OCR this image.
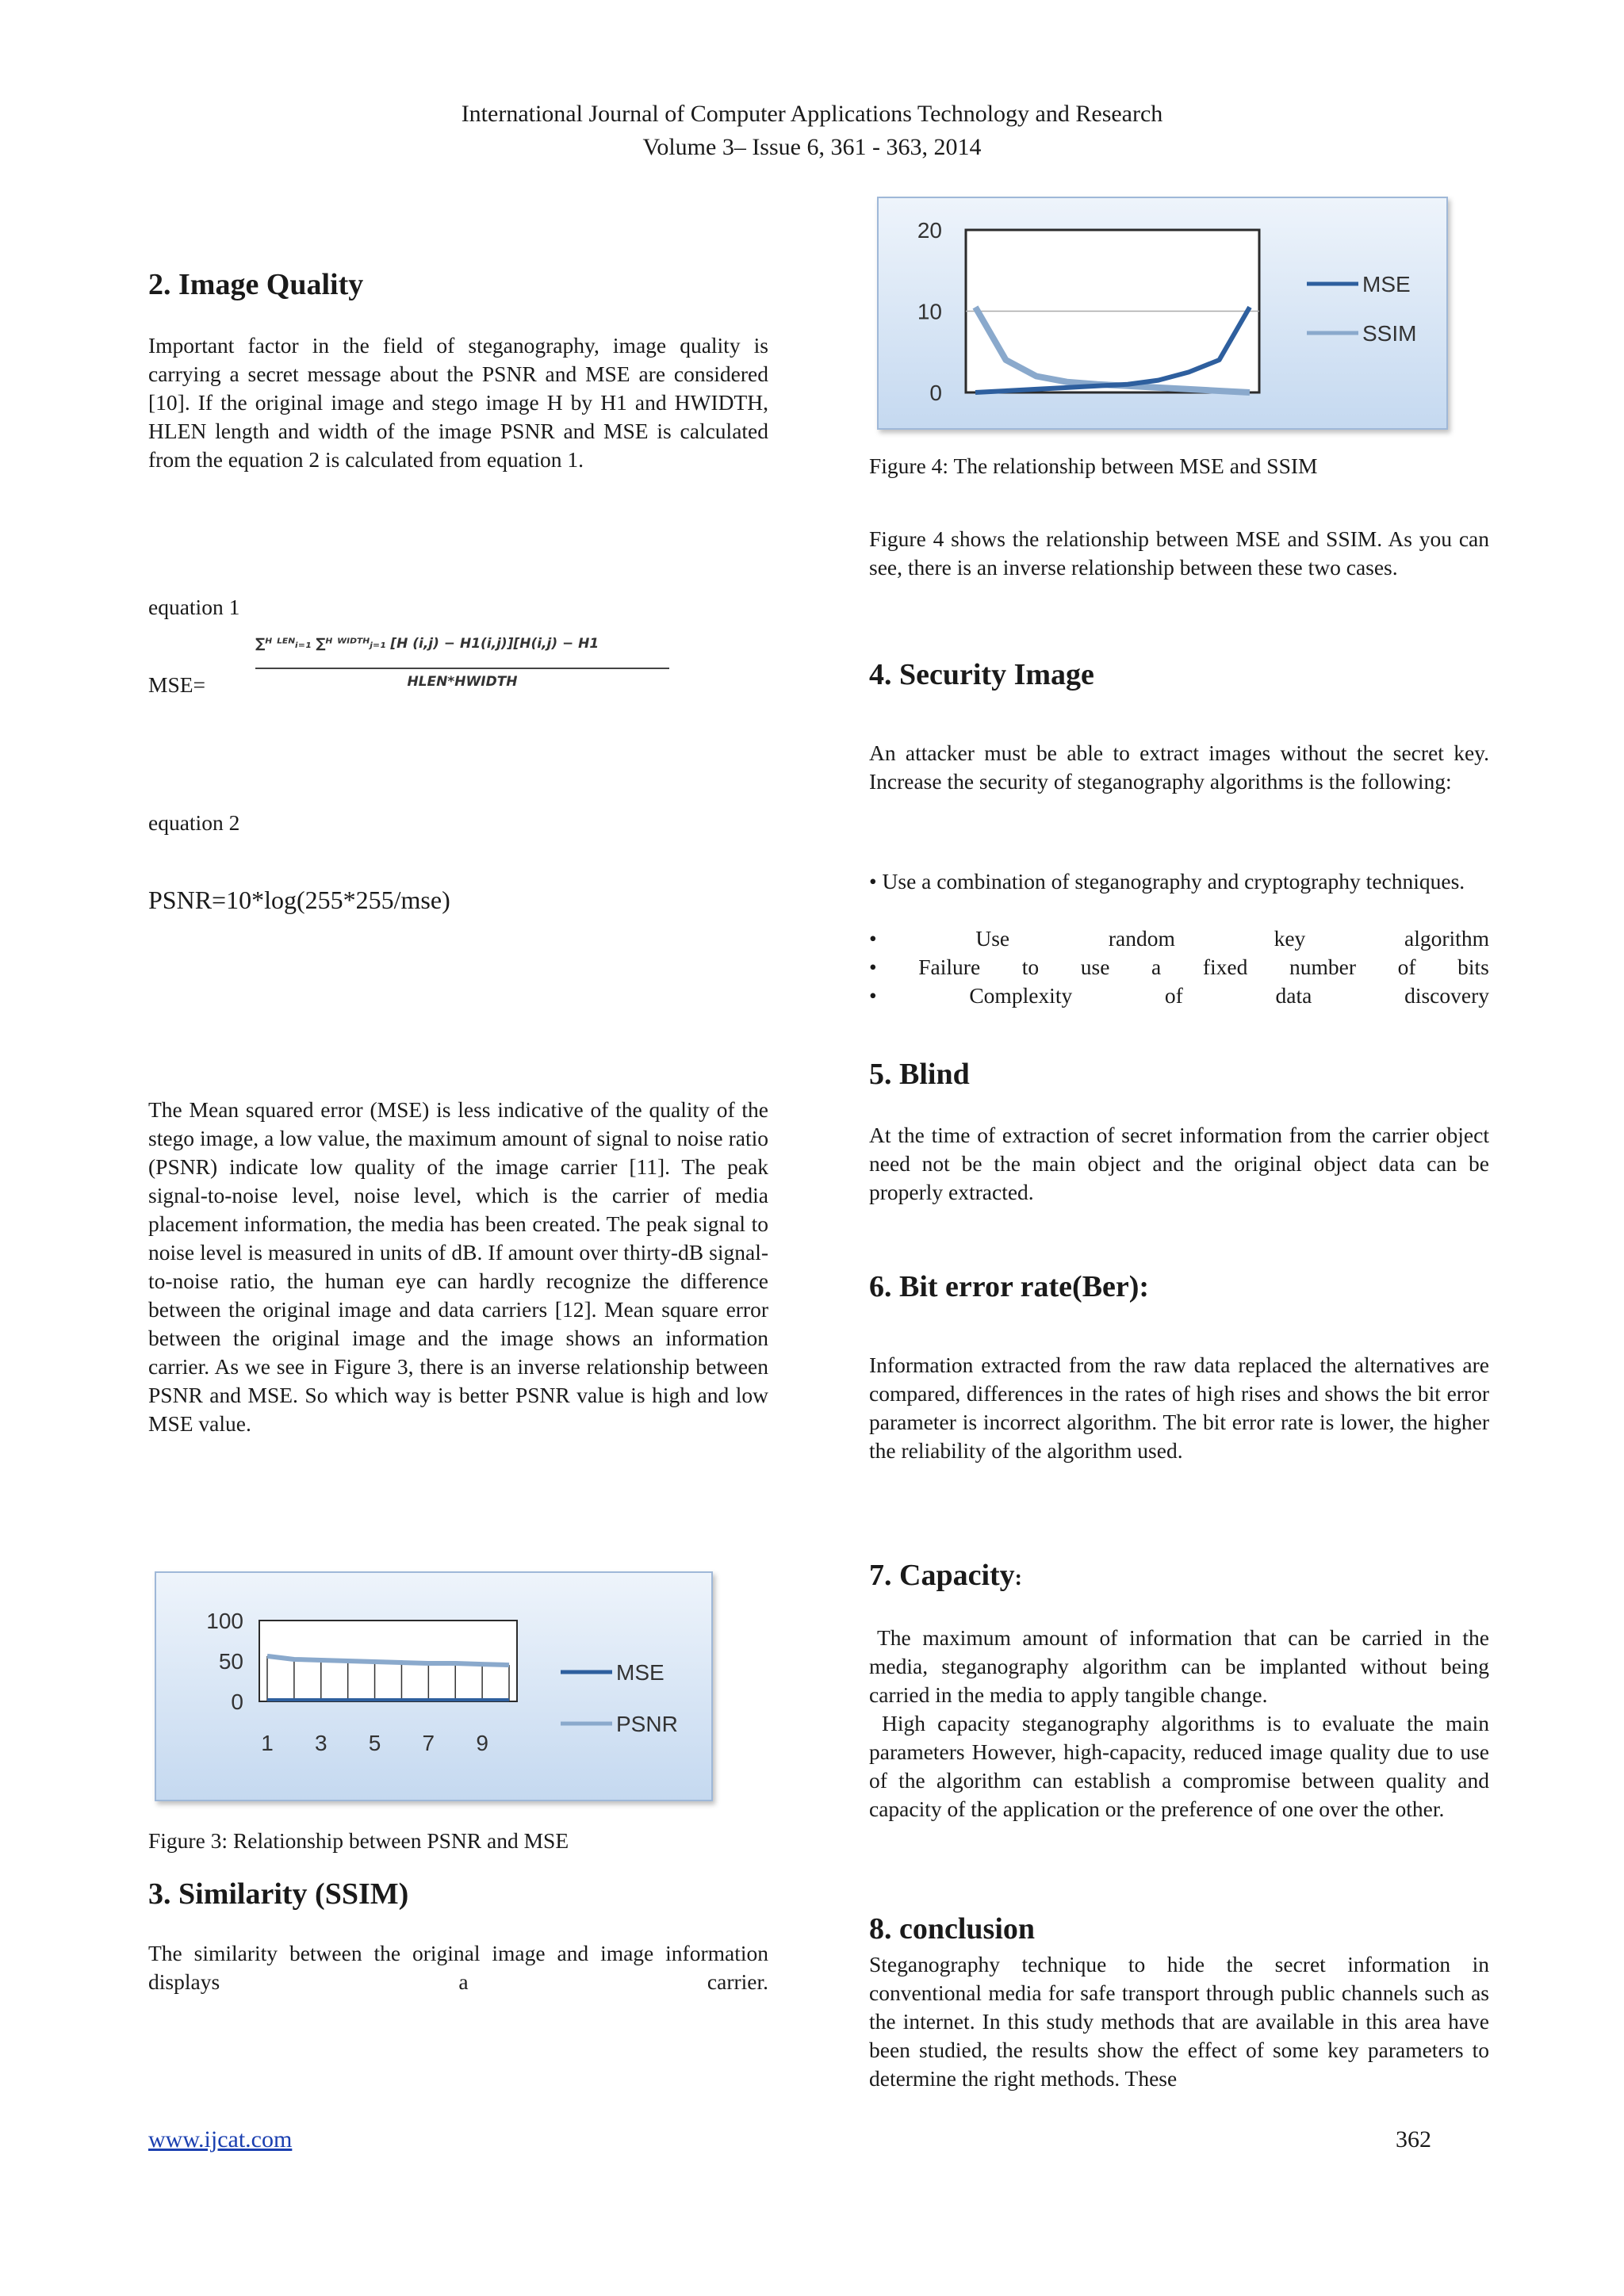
International Journal of Computer Applications Technology and Research
Volume 3– Issue 6, 361 - 363, 2014
2. Image Quality
Important factor in the field of steganography, image quality is carrying a secret message about the PSNR and MSE are considered [10]. If the original image and stego image H by H1 and HWIDTH, HLEN length and width of the image PSNR and MSE is calculated from the equation 2 is calculated from equation 1.
equation 1
MSE=
∑ᴴ ᴸᴱᴺᵢ₌₁ ∑ᴴ ᵂᴵᴰᵀᴴⱼ₌₁ [H (i,j) − H1(i,j)][H(i,j) − H1
HLEN*HWIDTH
equation 2
PSNR=10*log(255*255/mse)
The Mean squared error (MSE) is less indicative of the quality of the stego image, a low value, the maximum amount of signal to noise ratio (PSNR) indicate low quality of the image carrier [11]. The peak signal-to-noise level, noise level, which is the carrier of media placement information, the media has been created. The peak signal to noise level is measured in units of dB. If amount over thirty-dB signal-to-noise ratio, the human eye can hardly recognize the difference between the original image and data carriers [12]. Mean square error between the original image and the image shows an information carrier. As we see in Figure 3, there is an inverse relationship between PSNR and MSE. So which way is better PSNR value is high and low MSE value.
100
50
0
1 3 5 7 9
MSE
PSNR
Figure 3: Relationship between PSNR and MSE
3. Similarity (SSIM)
The similarity between the original image and image information displays a carrier.
20
10
0
MSE
SSIM
Figure 4: The relationship between MSE and SSIM
Figure 4 shows the relationship between MSE and SSIM. As you can see, there is an inverse relationship between these two cases.
4. Security Image
An attacker must be able to extract images without the secret key. Increase the security of steganography algorithms is the following:
• Use a combination of steganography and cryptography techniques.
•	Use	random	key	algorithm
• Failure to use a fixed number of bits
•	Complexity	of	data	discovery
5. Blind
At the time of extraction of secret information from the carrier object need not be the main object and the original object data can be properly extracted.
6. Bit error rate(Ber):
Information extracted from the raw data replaced the alternatives are compared, differences in the rates of high rises and shows the bit error parameter is incorrect algorithm. The bit error rate is lower, the higher the reliability of the algorithm used.
7. Capacity:
The maximum amount of information that can be carried in the media, steganography algorithm can be implanted without being carried in the media to apply tangible change.
High capacity steganography algorithms is to evaluate the main parameters However, high-capacity, reduced image quality due to use of the algorithm can establish a compromise between quality and capacity of the application or the preference of one over the other.
8. conclusion
Steganography technique to hide the secret information in conventional media for safe transport through public channels such as the internet. In this study methods that are available in this area have been studied, the results show the effect of some key parameters to determine the right methods. These
www.ijcat.com	362
